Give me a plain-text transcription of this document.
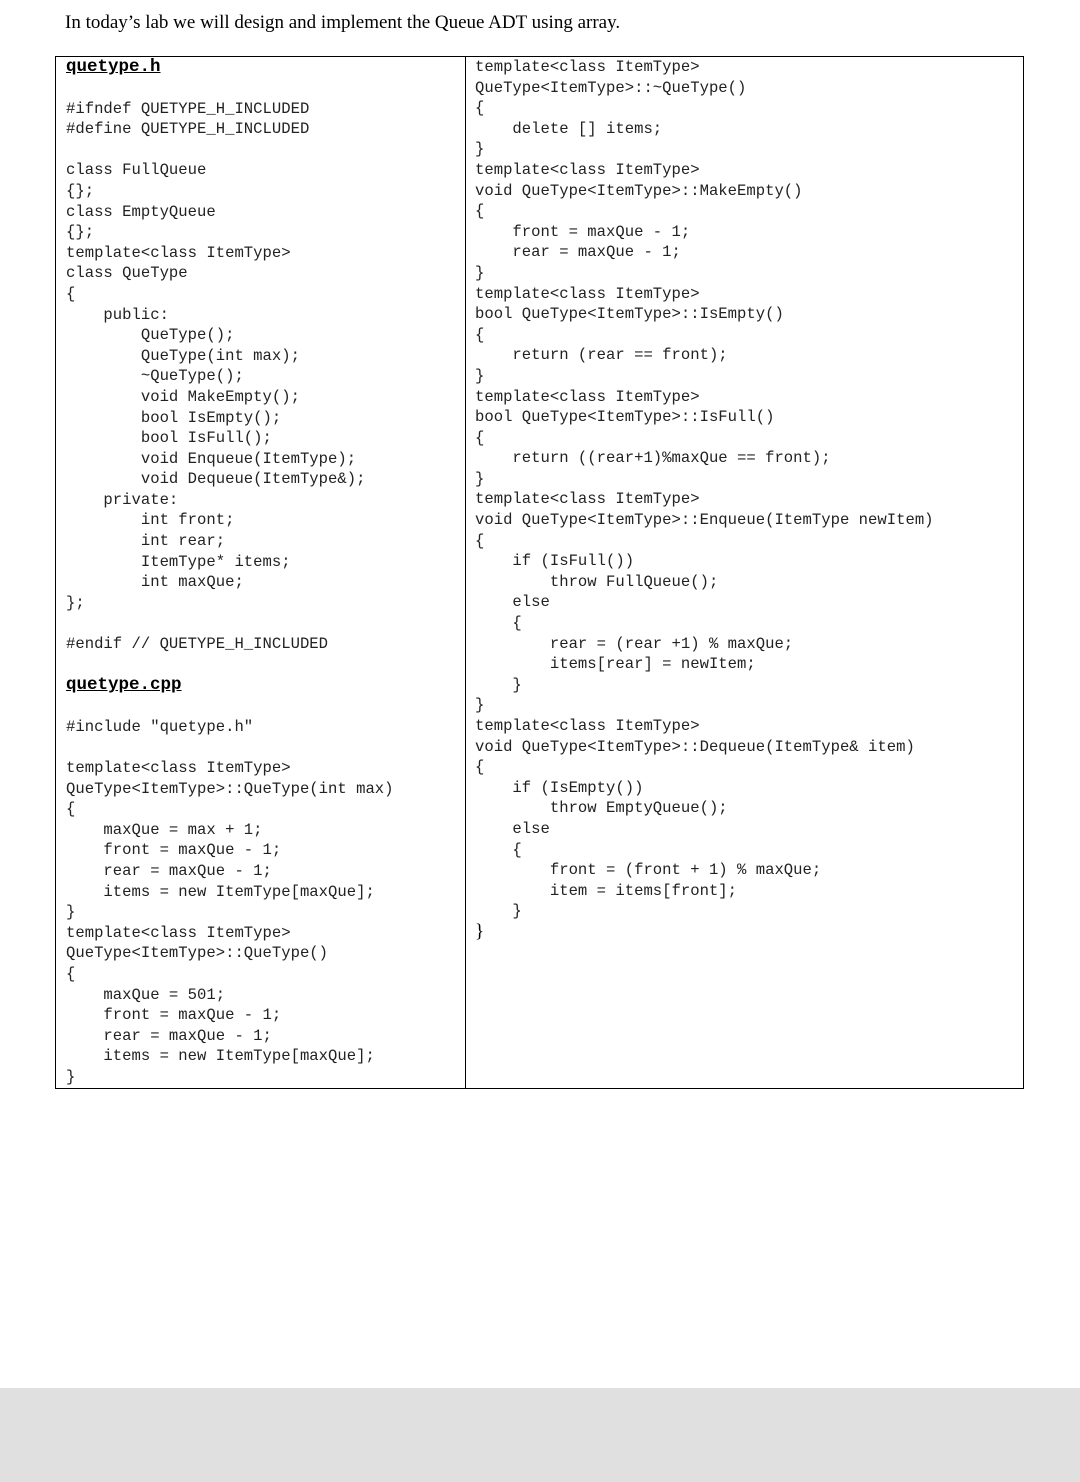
In today’s lab we will design and implement the Queue ADT using array.
quetype.h
#ifndef QUETYPE_H_INCLUDED
#define QUETYPE_H_INCLUDED

class FullQueue
{};
class EmptyQueue
{};
template<class ItemType>
class QueType
{
public:
QueType();
QueType(int max);
~QueType();
void MakeEmpty();
bool IsEmpty();
bool IsFull();
void Enqueue(ItemType);
void Dequeue(ItemType&);
private:
int front;
int rear;
ItemType* items;
int maxQue;
};

#endif // QUETYPE_H_INCLUDED
quetype.cpp
#include "quetype.h"

template<class ItemType>
QueType<ItemType>::QueType(int max)
{
maxQue = max + 1;
front = maxQue - 1;
rear = maxQue - 1;
items = new ItemType[maxQue];
}
template<class ItemType>
QueType<ItemType>::QueType()
{
maxQue = 501;
front = maxQue - 1;
rear = maxQue - 1;
items = new ItemType[maxQue];
}
template<class ItemType>
QueType<ItemType>::~QueType()
{
delete [] items;
}
template<class ItemType>
void QueType<ItemType>::MakeEmpty()
{
front = maxQue - 1;
rear = maxQue - 1;
}
template<class ItemType>
bool QueType<ItemType>::IsEmpty()
{
return (rear == front);
}
template<class ItemType>
bool QueType<ItemType>::IsFull()
{
return ((rear+1)%maxQue == front);
}
template<class ItemType>
void QueType<ItemType>::Enqueue(ItemType newItem)
{
if (IsFull())
throw FullQueue();
else
{
rear = (rear +1) % maxQue;
items[rear] = newItem;
}
}
template<class ItemType>
void QueType<ItemType>::Dequeue(ItemType& item)
{
if (IsEmpty())
throw EmptyQueue();
else
{
front = (front + 1) % maxQue;
item = items[front];
}
}
